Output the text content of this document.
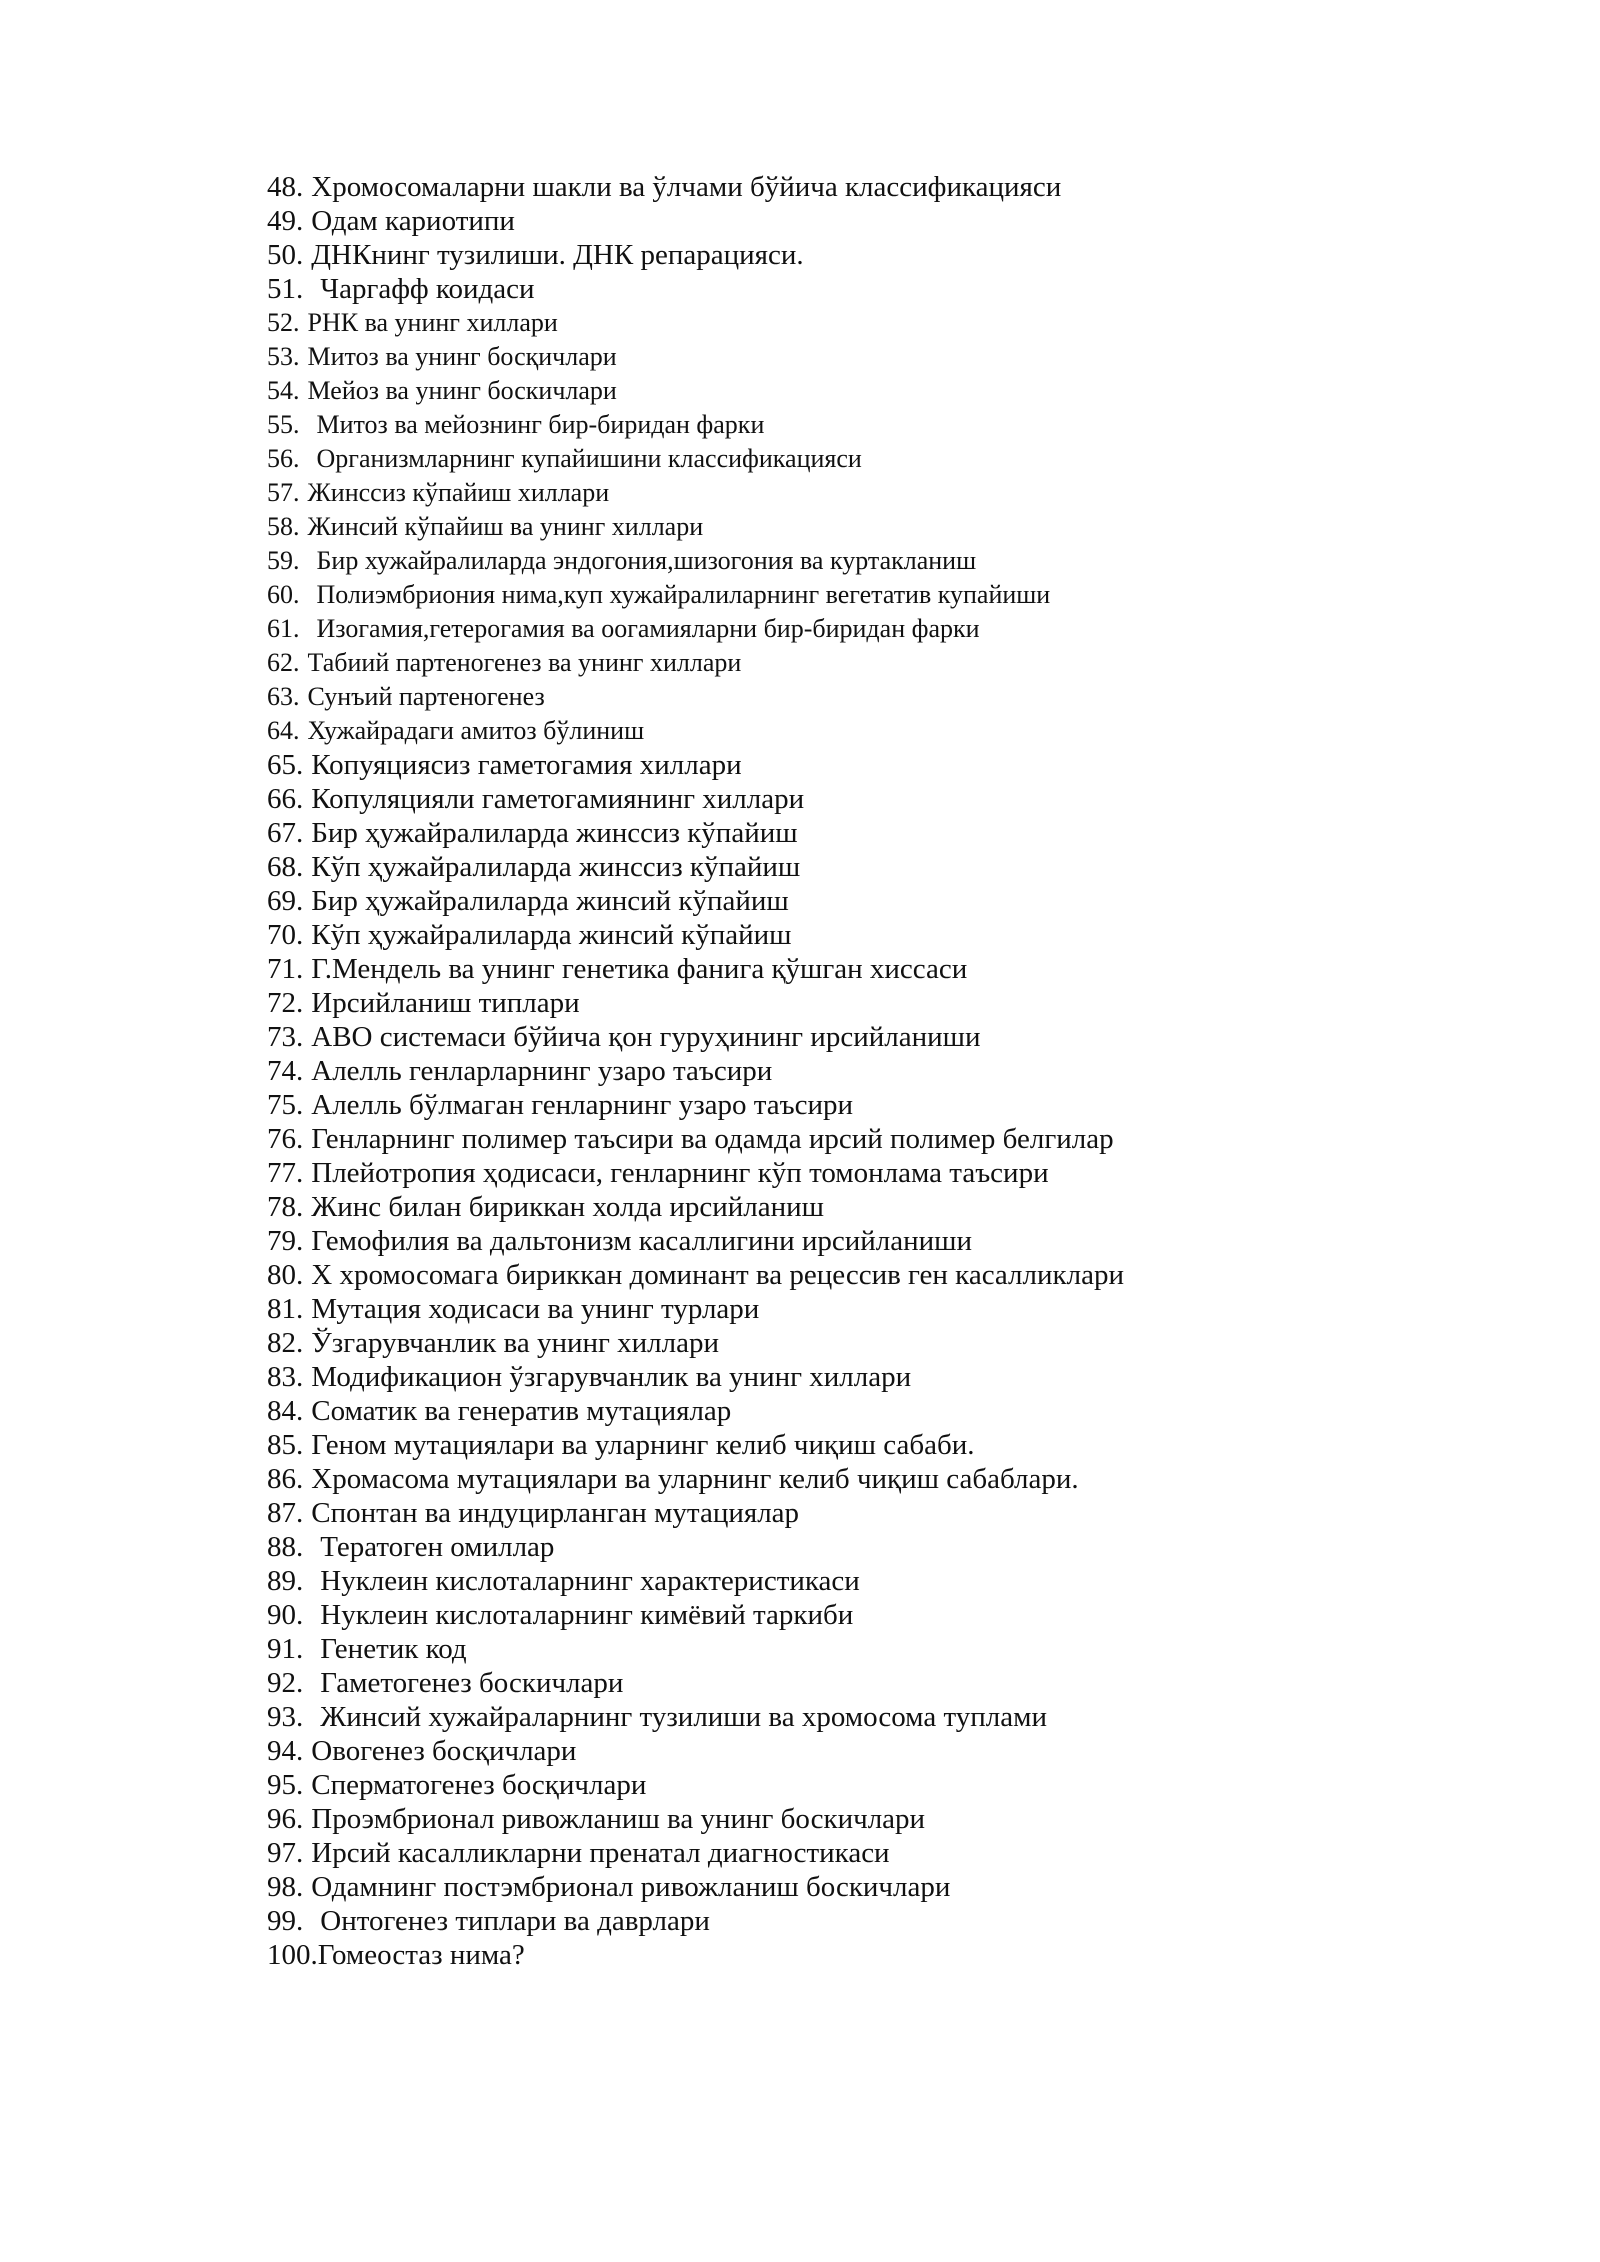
48. Хромосомаларни шакли ва ўлчами бўйича классификацияси
49. Одам кариотипи
50. ДНКнинг тузилиши. ДНК репарацияси.
51. Чаргафф коидаси
52. РНК ва унинг хиллари
53. Митоз ва унинг босқичлари
54. Мейоз ва унинг боскичлари
55. Митоз ва мейознинг бир-биридан фарки
56. Организмларнинг купайишини классификацияси
57. Жинссиз кўпайиш хиллари
58. Жинсий кўпайиш ва унинг хиллари
59. Бир хужайралиларда эндогония,шизогония ва куртакланиш
60. Полиэмбриония нима,куп хужайралиларнинг вегетатив купайиши
61. Изогамия,гетерогамия ва оогамияларни бир-биридан фарки
62. Табиий партеногенез ва унинг хиллари
63. Сунъий партеногенез
64. Хужайрадаги амитоз бўлиниш
65. Копуяциясиз гаметогамия хиллари
66. Копуляцияли гаметогамиянинг хиллари
67. Бир ҳужайралиларда жинссиз кўпайиш
68. Кўп ҳужайралиларда жинссиз кўпайиш
69. Бир ҳужайралиларда жинсий кўпайиш
70. Кўп ҳужайралиларда жинсий кўпайиш
71. Г.Мендель ва унинг генетика фанига қўшган хиссаси
72. Ирсийланиш типлари
73. АВО системаси бўйича қон гуруҳининг ирсийланиши
74. Алелль генларларнинг узаро таъсири
75. Алелль бўлмаган генларнинг узаро таъсири
76. Генларнинг полимер таъсири ва одамда ирсий полимер белгилар
77. Плейотропия ҳодисаси, генларнинг кўп томонлама таъсири
78. Жинс билан бириккан холда ирсийланиш
79. Гемофилия ва дальтонизм касаллигини ирсийланиши
80. Х хромосомага бириккан доминант ва рецессив ген касалликлари
81. Мутация ходисаси ва унинг турлари
82. Ўзгарувчанлик ва унинг хиллари
83. Модификацион ўзгарувчанлик ва унинг хиллари
84. Соматик ва генератив мутациялар
85. Геном мутациялари ва уларнинг келиб чиқиш сабаби.
86. Хромасома мутациялари ва уларнинг келиб чиқиш сабаблари.
87. Спонтан ва индуцирланган мутациялар
88. Тератоген омиллар
89. Нуклеин кислоталарнинг характеристикаси
90. Нуклеин кислоталарнинг кимёвий таркиби
91. Генетик код
92. Гаметогенез боскичлари
93. Жинсий хужайраларнинг тузилиши ва хромосома туплами
94. Овогенез босқичлари
95. Сперматогенез босқичлари
96. Проэмбрионал ривожланиш ва унинг боскичлари
97. Ирсий касалликларни пренатал диагностикаси
98. Одамнинг постэмбрионал ривожланиш боскичлари
99. Онтогенез типлари ва даврлари
100. Гомеостаз нима?
